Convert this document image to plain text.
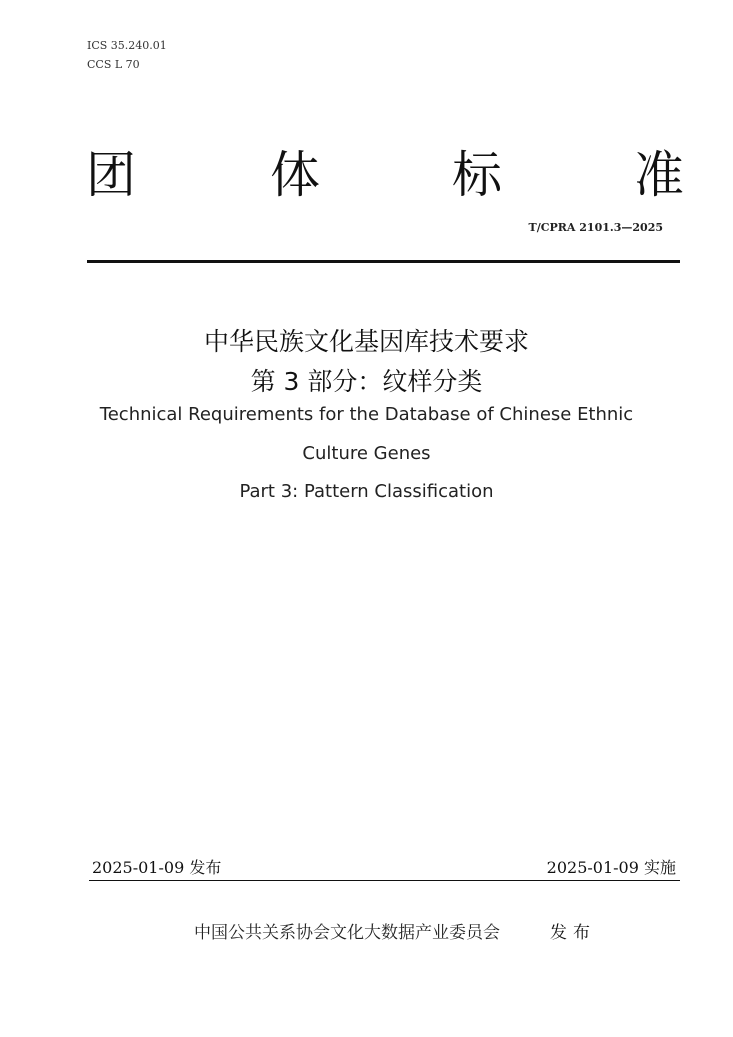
ICS 35.240.01
CCS L 70
团	体	标	准
T/CPRA 2101.3—2025
中华民族文化基因库技术要求
第 3 部分：纹样分类
Technical Requirements for the Database of Chinese Ethnic
Culture Genes
Part 3: Pattern Classification
2025-01-09 发布	2025-01-09 实施
中国公共关系协会文化大数据产业委员会	发布
